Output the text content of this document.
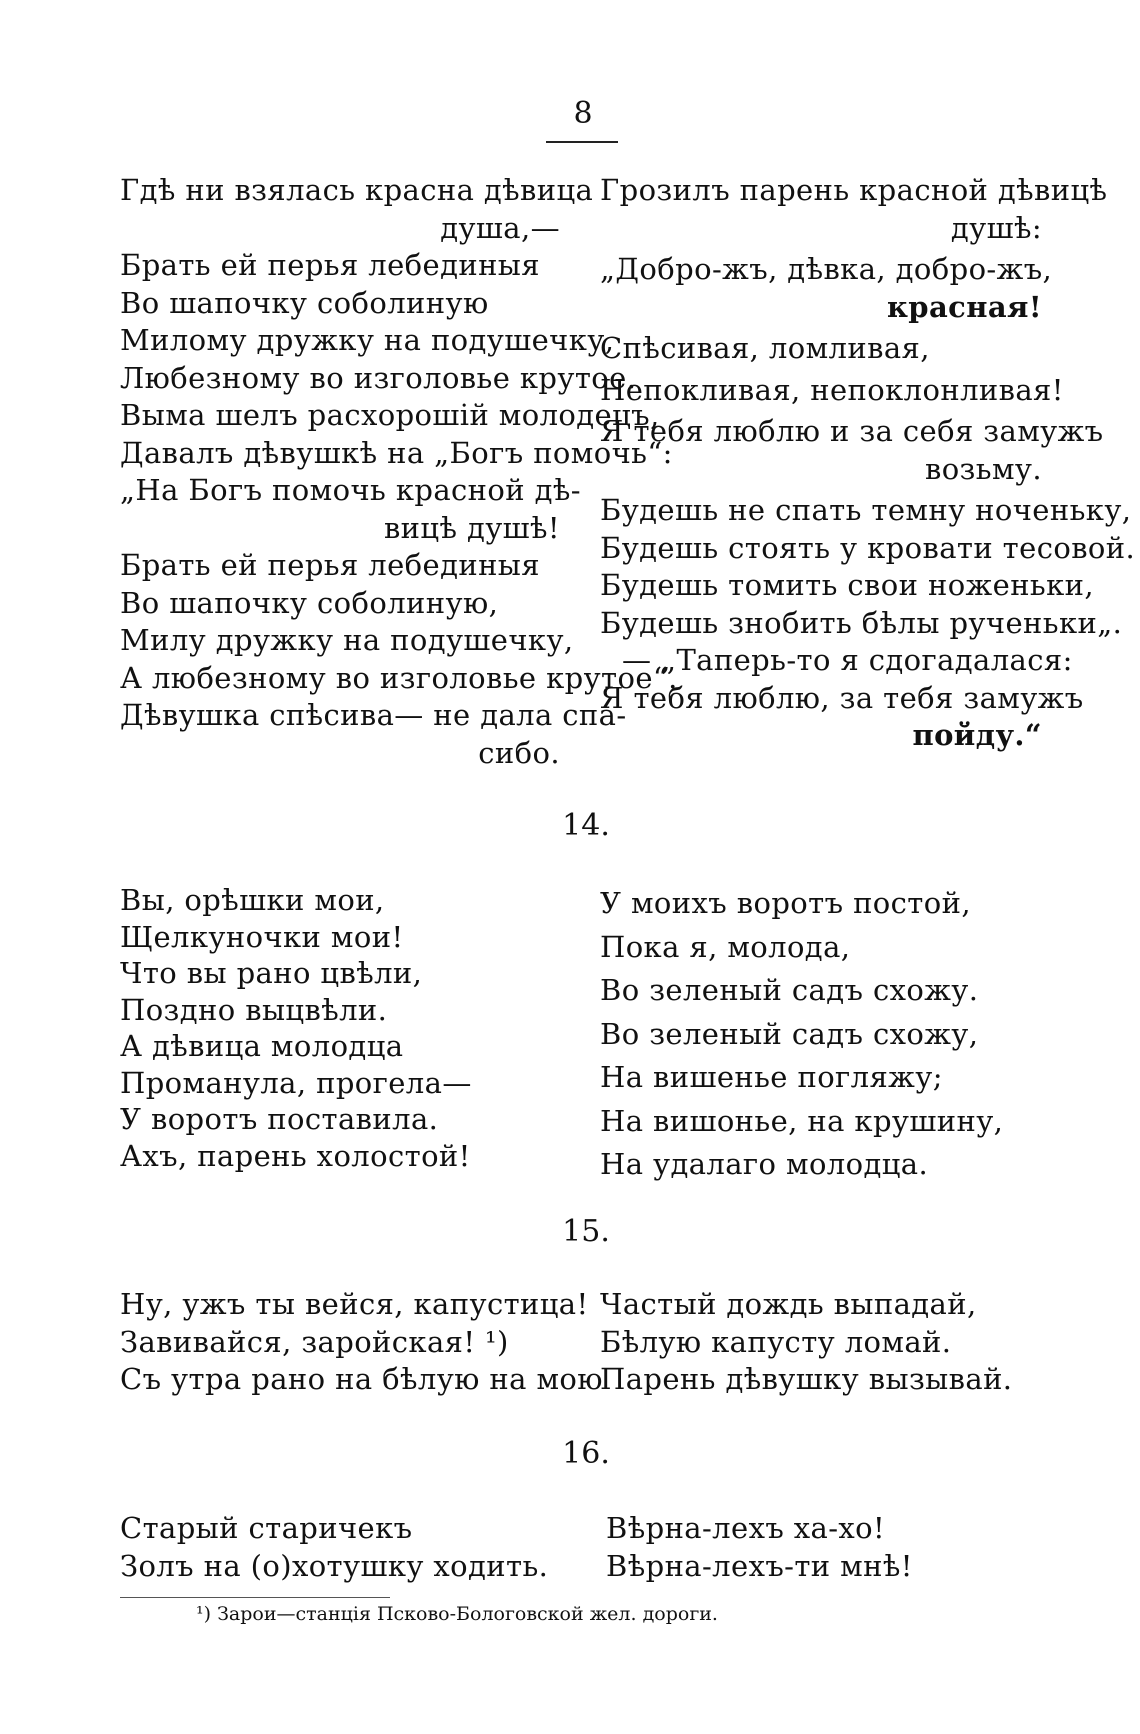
8
Гдѣ ни взялась красна дѣвица
душа,—
Брать ей перья лебединыя
Во шапочку соболиную
Милому дружку на подушечку,
Любезному во изголовье крутое.
Вымa шелъ расхорошій молодецъ,
Давалъ дѣвушкѣ на „Богъ помочь“:
„На Богъ помочь красной дѣ-
вицѣ душѣ!
Брать ей перья лебединыя
Во шапочку соболиную,
Милу дружку на подушечку,
А любезному во изголовье крутое“.
Дѣвушка спѣсива— не дала спа-
сибо.
Грозилъ парень красной дѣвицѣ
душѣ:
„Добро-жъ, дѣвка, добро-жъ,
красная!
Спѣсивая, ломливая,
Непокливая, непоклонливая!
Я тебя люблю и за себя замужъ
возьму.
Будешь не спать темну ноченьку,
Будешь стоять у кровати тесовой.
Будешь томить свои ноженьки,
Будешь знобить бѣлы рученьки„.
— „Таперь-то я сдогадалася:
Я тебя люблю, за тебя замужъ
пойду.“
14.
Вы, орѣшки мои,
Щелкуночки мои!
Что вы рано цвѣли,
Поздно выцвѣли.
А дѣвица молодца
Проманула, прогела—
У воротъ поставила.
Ахъ, парень холостой!
У моихъ воротъ постой,
Пока я, молода,
Во зеленый садъ схожу.
Во зеленый садъ схожу,
На вишенье погляжу;
На вишонье, на крушину,
На удалаго молодца.
15.
Ну, ужъ ты вейся, капустица!
Завивайся, заройская! ¹)
Съ утра рано на бѣлую на мою
Частый дождь выпадай,
Бѣлую капусту ломай.
Парень дѣвушку вызывай.
16.
Старый старичекъ
Золъ на (о)хотушку ходить.
Вѣрна-лехъ ха-хо!
Вѣрна-лехъ-ти мнѣ!
¹) Зарои—станція Псково-Бологовской жел. дороги.
